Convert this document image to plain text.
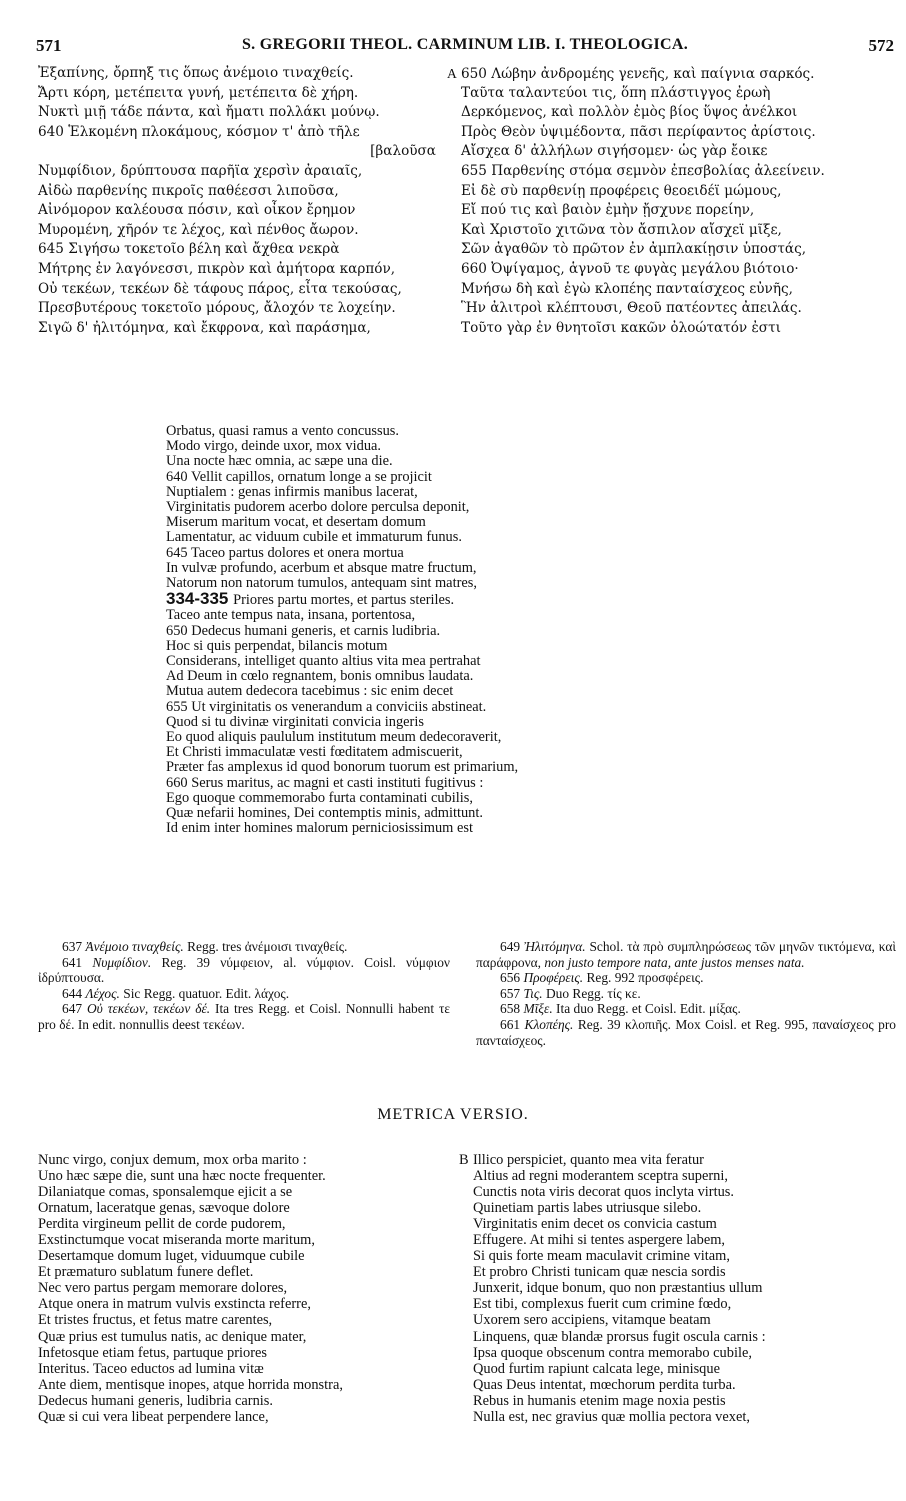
571	S. GREGORII THEOL. CARMINUM LIB. I. THEOLOGICA.	572
Ἐξαπίνης, ὄρπηξ τις ὅπως ἀνέμοιο τιναχθείς.
Ἄρτι κόρη, μετέπειτα γυνή, μετέπειτα δὲ χήρη.
Νυκτὶ μιῇ τάδε πάντα, καὶ ἤματι πολλάκι μούνῳ.
640 Ἑλκομένη πλοκάμους, κόσμον τ' ἀπὸ τῆλε
[βαλοῦσα
Νυμφίδιον, δρύπτουσα παρῆϊα χερσὶν ἀραιαῖς,
Αἰδὼ παρθενίης πικροῖς παθέεσσι λιποῦσα,
Αἰνόμορον καλέουσα πόσιν, καὶ οἶκον ἔρημον
Μυρομένη, χῆρόν τε λέχος, καὶ πένθος ἄωρον.
645 Σιγήσω τοκετοῖο βέλη καὶ ἄχθεα νεκρὰ
Μήτρης ἐν λαγόνεσσι, πικρὸν καὶ ἀμήτορα καρπόν,
Οὐ τεκέων, τεκέων δὲ τάφους πάρος, εἶτα τεκούσας,
Πρεσβυτέρους τοκετοῖο μόρους, ἄλοχόν τε λοχείην.
Σιγῶ δ' ἠλιτόμηνα, καὶ ἔκφρονα, καὶ παράσημα,
A 650 Λώβην ἀνδρομέης γενεῆς, καὶ παίγνια σαρκός.
Ταῦτα ταλαντεύοι τις, ὅπη πλάστιγγος ἐρωὴ
Δερκόμενος, καὶ πολλὸν ἐμὸς βίος ὕψος ἀνέλκοι
Πρὸς Θεὸν ὑψιμέδοντα, πᾶσι περίφαντος ἀρίστοις.
Αἴσχεα δ' ἀλλήλων σιγήσομεν· ὡς γὰρ ἔοικε
655 Παρθενίης στόμα σεμνὸν ἐπεσβολίας ἀλεείνειν.
Εἰ δὲ σὺ παρθενίῃ προφέρεις θεοειδέϊ μώμους,
Εἴ πού τις καὶ βαιὸν ἐμὴν ᾔσχυνε πορείην,
Καὶ Χριστοῖο χιτῶνα τὸν ἄσπιλον αἴσχεϊ μῖξε,
Σῶν ἀγαθῶν τὸ πρῶτον ἐν ἀμπλακίῃσιν ὑποστάς,
660 Ὀψίγαμος, ἁγνοῦ τε φυγὰς μεγάλου βιότοιο·
Μνήσω δὴ καὶ ἐγὼ κλοπέης πανταίσχεος εὐνῆς,
Ἣν ἀλιτροὶ κλέπτουσι, Θεοῦ πατέοντες ἀπειλάς.
Τοῦτο γὰρ ἐν θνητοῖσι κακῶν ὀλοώτατόν ἐστι
Orbatus, quasi ramus a vento concussus.
Modo virgo, deinde uxor, mox vidua.
Una nocte hæc omnia, ac sæpe una die.
640 Vellit capillos, ornatum longe a se projicit
Nuptialem : genas infirmis manibus lacerat,
Virginitatis pudorem acerbo dolore perculsa deponit,
Miserum maritum vocat, et desertam domum
Lamentatur, ac viduum cubile et immaturum funus.
645 Taceo partus dolores et onera mortua
In vulvæ profundo, acerbum et absque matre fructum,
Natorum non natorum tumulos, antequam sint matres,
334-335 Priores partu mortes, et partus steriles.
Taceo ante tempus nata, insana, portentosa,
650 Dedecus humani generis, et carnis ludibria.
Hoc si quis perpendat, bilancis motum
Considerans, intelliget quanto altius vita mea pertrahat
Ad Deum in cœlo regnantem, bonis omnibus laudata.
Mutua autem dedecora tacebimus : sic enim decet
655 Ut virginitatis os venerandum a conviciis abstineat.
Quod si tu divinæ virginitati convicia ingeris
Eo quod aliquis paululum institutum meum dedecoraverit,
Et Christi immaculatæ vesti fœditatem admiscuerit,
Præter fas amplexus id quod bonorum tuorum est primarium,
660 Serus maritus, ac magni et casti instituti fugitivus :
Ego quoque commemorabo furta contaminati cubilis,
Quæ nefarii homines, Dei contemptis minis, admittunt.
Id enim inter homines malorum perniciosissimum est
637 Ἀνέμοιο τιναχθείς. Regg. tres ἀνέμοισι τιναχθείς.
641 Νυμφίδιον. Reg. 39 νύμφειον, al. νύμφιον. Coisl. νύμφιον ἰδρύπτουσα.
644 Λέχος. Sic Regg. quatuor. Edit. λάχος.
647 Οὐ τεκέων, τεκέων δέ. Ita tres Regg. et Coisl. Nonnulli habent τε pro δέ. In edit. nonnullis deest τεκέων.
649 Ἠλιτόμηνα. Schol. τὰ πρὸ συμπληρώσεως τῶν μηνῶν τικτόμενα, καὶ παράφρονα, non justo tempore nata, ante justos menses nata.
656 Προφέρεις. Reg. 992 προσφέρεις.
657 Τις. Duo Regg. τίς κε.
658 Μῖξε. Ita duo Regg. et Coisl. Edit. μίξας.
661 Κλοπέης. Reg. 39 κλοπιῆς. Mox Coisl. et Reg. 995, παναίσχεος pro πανταίσχεος.
METRICA VERSIO.
Nunc virgo, conjux demum, mox orba marito :
Uno hæc sæpe die, sunt una hæc nocte frequenter.
Dilaniatque comas, sponsalemque ejicit a se
Ornatum, laceratque genas, sævoque dolore
Perdita virgineum pellit de corde pudorem,
Exstinctumque vocat miseranda morte maritum,
Desertamque domum luget, viduumque cubile
Et præmaturo sublatum funere deflet.
Nec vero partus pergam memorare dolores,
Atque onera in matrum vulvis exstincta referre,
Et tristes fructus, et fetus matre carentes,
Quæ prius est tumulus natis, ac denique mater,
Infetosque etiam fetus, partuque priores
Interitus. Taceo eductos ad lumina vitæ
Ante diem, mentisque inopes, atque horrida monstra,
Dedecus humani generis, ludibria carnis.
Quæ si cui vera libeat perpendere lance,
B Illico perspiciet, quanto mea vita feratur
Altius ad regni moderantem sceptra superni,
Cunctis nota viris decorat quos inclyta virtus.
Quinetiam partis labes utriusque silebo.
Virginitatis enim decet os convicia castum
Effugere. At mihi si tentes aspergere labem,
Si quis forte meam maculavit crimine vitam,
Et probro Christi tunicam quæ nescia sordis
Junxerit, idque bonum, quo non præstantius ullum
Est tibi, complexus fuerit cum crimine fœdo,
Uxorem sero accipiens, vitamque beatam
Linquens, quæ blandæ prorsus fugit oscula carnis :
Ipsa quoque obscenum contra memorabo cubile,
Quod furtim rapiunt calcata lege, minisque
Quas Deus intentat, mœchorum perdita turba.
Rebus in humanis etenim mage noxia pestis
Nulla est, nec gravius quæ mollia pectora vexet,
